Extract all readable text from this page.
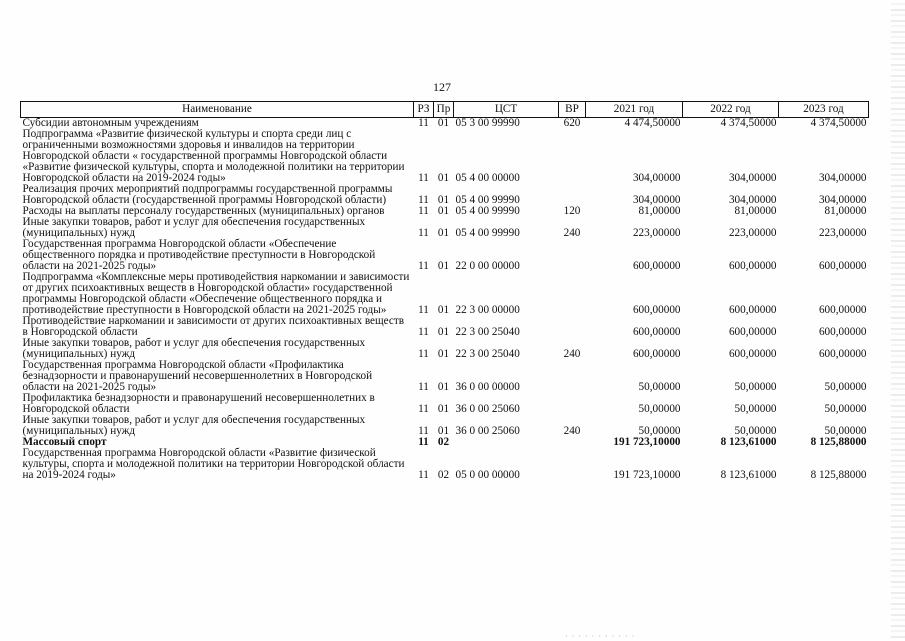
127
Наименование	РЗ	Пр	ЦСТ	ВР	2021 год	2022 год	2023 год
Субсидии автономным учреждениям	11	01	05 3 00 99990	620	4 474,50000	4 374,50000	4 374,50000
Подпрограмма «Развитие физической культуры и спорта среди лиц с ограниченными возможностями здоровья и инвалидов на территории Новгородской области « государственной программы Новгородской области «Развитие физической культуры, спорта и молодежной политики на территории Новгородской области на 2019-2024 годы»	11	01	05 4 00 00000		304,00000	304,00000	304,00000
Реализация прочих мероприятий подпрограммы государственной программы Новгородской области (государственной программы Новгородской области)	11	01	05 4 00 99990		304,00000	304,00000	304,00000
Расходы на выплаты персоналу государственных (муниципальных) органов	11	01	05 4 00 99990	120	81,00000	81,00000	81,00000
Иные закупки товаров, работ и услуг для обеспечения государственных (муниципальных) нужд	11	01	05 4 00 99990	240	223,00000	223,00000	223,00000
Государственная программа Новгородской области «Обеспечение общественного порядка и противодействие преступности в Новгородской области на 2021-2025 годы»	11	01	22 0 00 00000		600,00000	600,00000	600,00000
Подпрограмма «Комплексные меры противодействия наркомании и зависимости от других психоактивных веществ в Новгородской области» государственной программы Новгородской области «Обеспечение общественного порядка и противодействие преступности в Новгородской области на 2021-2025 годы»	11	01	22 3 00 00000		600,00000	600,00000	600,00000
Противодействие наркомании и зависимости от других психоактивных веществ в Новгородской области	11	01	22 3 00 25040		600,00000	600,00000	600,00000
Иные закупки товаров, работ и услуг для обеспечения государственных (муниципальных) нужд	11	01	22 3 00 25040	240	600,00000	600,00000	600,00000
Государственная программа Новгородской области «Профилактика безнадзорности и правонарушений несовершеннолетних в Новгородской области на 2021-2025 годы»	11	01	36 0 00 00000		50,00000	50,00000	50,00000
Профилактика безнадзорности и правонарушений несовершеннолетних в Новгородской области	11	01	36 0 00 25060		50,00000	50,00000	50,00000
Иные закупки товаров, работ и услуг для обеспечения государственных (муниципальных) нужд	11	01	36 0 00 25060	240	50,00000	50,00000	50,00000
Массовый спорт	11	02			191 723,10000	8 123,61000	8 125,88000
Государственная программа Новгородской области «Развитие физической культуры, спорта и молодежной политики на территории Новгородской области на 2019-2024 годы»	11	02	05 0 00 00000		191 723,10000	8 123,61000	8 125,88000
· · · · · · · · · · ·
